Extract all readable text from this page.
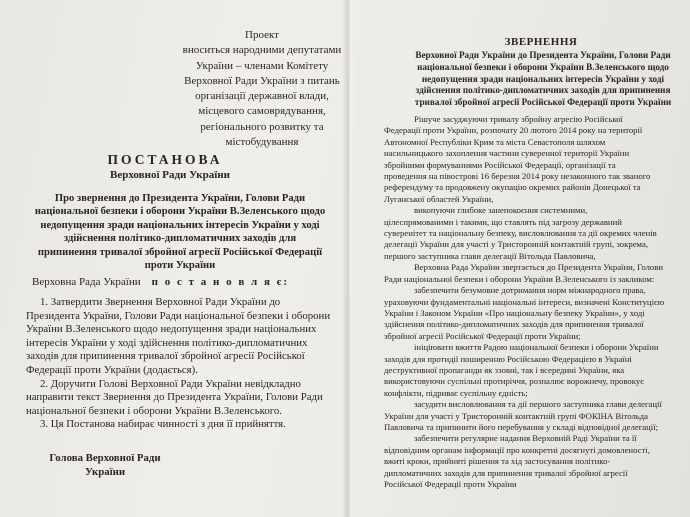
Проект
вноситься народними депутатами
України – членами Комітету
Верховної Ради України з питань
організації державної влади,
місцевого самоврядування,
регіонального розвитку та
містобудування
ПОСТАНОВА
Верховної Ради України
Про звернення до Президента України, Голови Ради
національної безпеки і оборони України В.Зеленського щодо
недопущення зради національних інтересів України у ході
здійснення політико-дипломатичних заходів для
припинення тривалої збройної агресії Російської Федерації
проти України
Верховна Рада України п о с т а н о в л я є:
1. Затвердити Звернення Верховної Ради України до
Президента України, Голови Ради національної безпеки і оборони
України В.Зеленського щодо недопущення зради національних
інтересів України у ході здійснення політико-дипломатичних
заходів для припинення тривалої збройної агресії Російської
Федерації проти України (додається).
2. Доручити Голові Верховної Ради України невідкладно
направити текст Звернення до Президента України, Голови Ради
національної безпеки і оборони України В.Зеленського.
3. Ця Постанова набирає чинності з дня її прийняття.
Голова Верховної Ради
України
ЗВЕРНЕННЯ
Верховної Ради України до Президента України, Голови Ради
національної безпеки і оборони України В.Зеленського щодо
недопущення зради національних інтересів України у ході
здійснення політико-дипломатичних заходів для припинення
тривалої збройної агресії Російської Федерації проти України
Рішуче засуджуючи тривалу збройну агресію Російської
Федерації проти України, розпочату 20 лютого 2014 року на території
Автономної Республіки Крим та міста Севастополя шляхом
насильницького захоплення частини суверенної території України
збройними формуваннями Російської Федерації, організації та
проведення на півострові 16 березня 2014 року незаконного так званого
референдуму та продовжену окупацію окремих районів Донецької та
Луганської областей України,
викопуючи глибоке занепокоєння системними,
цілеспрямованими і такими, що ставлять під загрозу державний
суверенітет та національну безпеку, висловлювання та дії окремих членів
делегації України для участі у Тристоронній контактній групі, зокрема,
першого заступника глави делегації Вітольда Павловича,
Верховна Рада України звертається до Президента України, Голови
Ради національної безпеки і оборони України В.Зеленського із закликом:
забезпечити безумовне дотримання норм міжнародного права,
ураховуючи фундаментальні національні інтереси, визначені Конституцією
України і Законом України «Про національну безпеку України», у ході
здійснення політико-дипломатичних заходів для припинення тривалої
збройної агресії Російської Федерації проти України;
ініціювати вжиття Радою національної безпеки і оборони України
заходів для протидії поширенню Російською Федерацією в Україні
деструктивної пропаганди як ззовні, так і всередині України, яка
використовуючи суспільні протиріччя, розпалює ворожнечу, провокує
конфлікти, підриває суспільну єдність;
засудити висловлювання та дії першого заступника глави делегації
України для участі у Тристоронній контактній групі ФОКІНА Вітольда
Павловича та припинити його перебування у складі відповідної делегації;
забезпечити регулярне надання Верховній Раді України та її
відповідним органам інформації про конкретні досягнуті домовленості,
вжиті кроки, прийняті рішення та хід застосування політико-
дипломатичних заходів для припинення тривалої збройної агресії
Російської Федерації проти України
